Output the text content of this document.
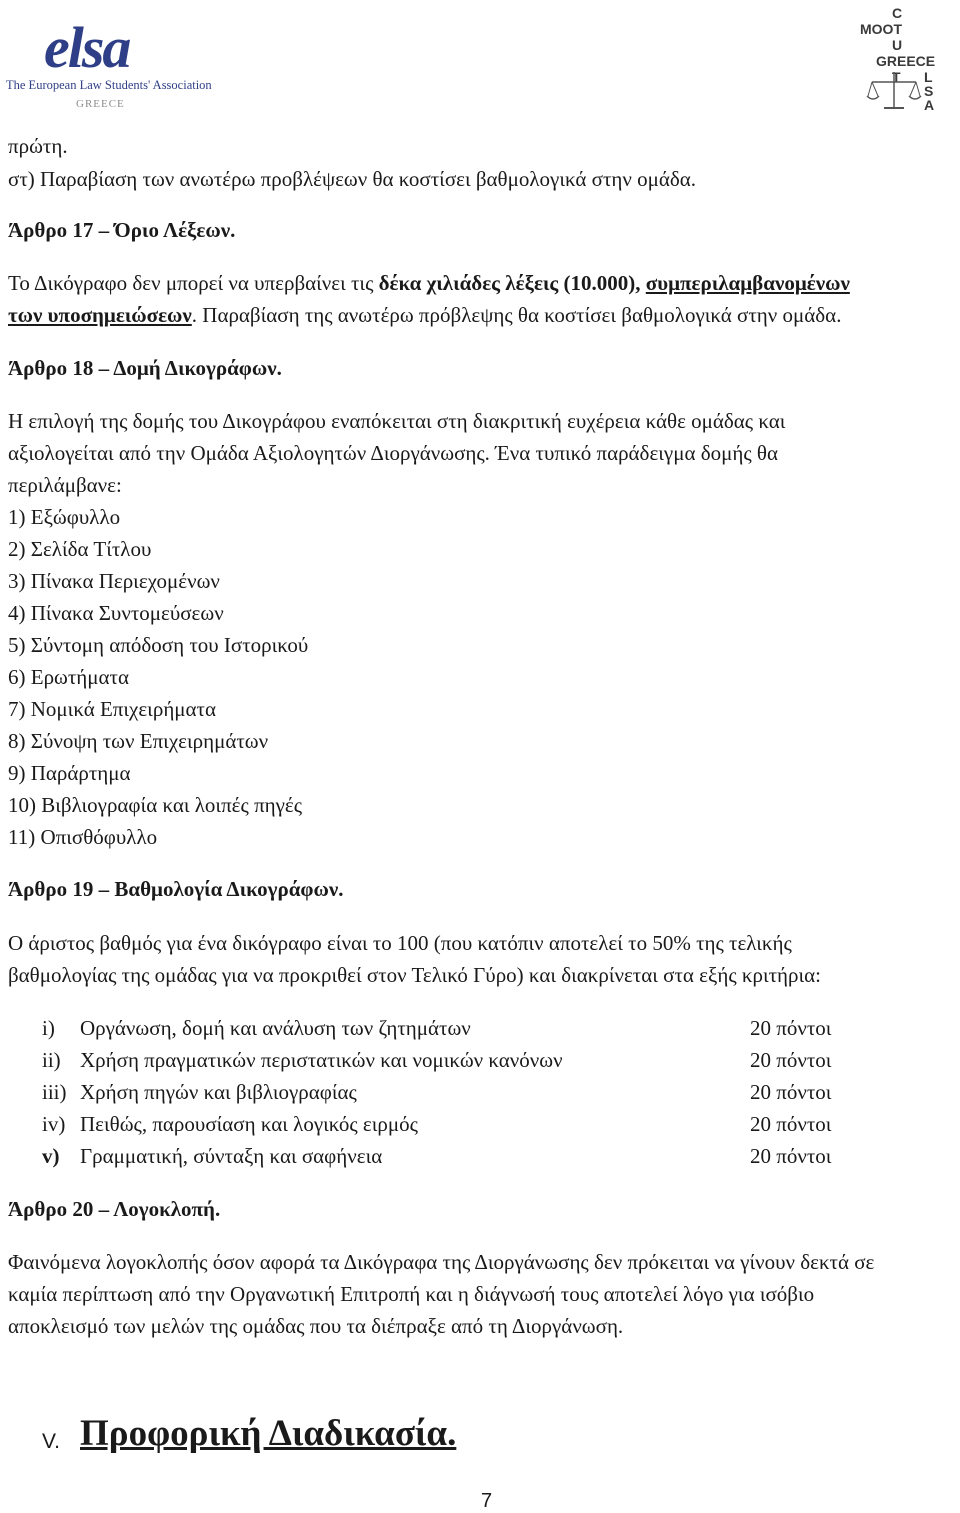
elsa
The European Law Students' Association
GREECE
C
MOOT
U
GREECE
T L
S
A
πρώτη.
στ) Παραβίαση των ανωτέρω προβλέψεων θα κοστίσει βαθμολογικά στην ομάδα.
Άρθρο 17 – Όριο Λέξεων.
Το Δικόγραφο δεν μπορεί να υπερβαίνει τις δέκα χιλιάδες λέξεις (10.000), συμπεριλαμβανομένων
των υποσημειώσεων. Παραβίαση της ανωτέρω πρόβλεψης θα κοστίσει βαθμολογικά στην ομάδα.
Άρθρο 18 – Δομή Δικογράφων.
Η επιλογή της δομής του Δικογράφου εναπόκειται στη διακριτική ευχέρεια κάθε ομάδας και
αξιολογείται από την Ομάδα Αξιολογητών Διοργάνωσης. Ένα τυπικό παράδειγμα δομής θα
περιλάμβανε:
1) Εξώφυλλο
2) Σελίδα Τίτλου
3) Πίνακα Περιεχομένων
4) Πίνακα Συντομεύσεων
5) Σύντομη απόδοση του Ιστορικού
6) Ερωτήματα
7) Νομικά Επιχειρήματα
8) Σύνοψη των Επιχειρημάτων
9) Παράρτημα
10) Βιβλιογραφία και λοιπές πηγές
11) Οπισθόφυλλο
Άρθρο 19 – Βαθμολογία Δικογράφων.
Ο άριστος βαθμός για ένα δικόγραφο είναι το 100 (που κατόπιν αποτελεί το 50% της τελικής
βαθμολογίας της ομάδας για να προκριθεί στον Τελικό Γύρο) και διακρίνεται στα εξής κριτήρια:
i) Οργάνωση, δομή και ανάλυση των ζητημάτων	20 πόντοι
ii) Χρήση πραγματικών περιστατικών και νομικών κανόνων	20 πόντοι
iii) Χρήση πηγών και βιβλιογραφίας	20 πόντοι
iv) Πειθώς, παρουσίαση και λογικός ειρμός	20 πόντοι
v) Γραμματική, σύνταξη και σαφήνεια	20 πόντοι
Άρθρο 20 – Λογοκλοπή.
Φαινόμενα λογοκλοπής όσον αφορά τα Δικόγραφα της Διοργάνωσης δεν πρόκειται να γίνουν δεκτά σε
καμία περίπτωση από την Οργανωτική Επιτροπή και η διάγνωσή τους αποτελεί λόγο για ισόβιο
αποκλεισμό των μελών της ομάδας που τα διέπραξε από τη Διοργάνωση.
V. Προφορική Διαδικασία.
7
